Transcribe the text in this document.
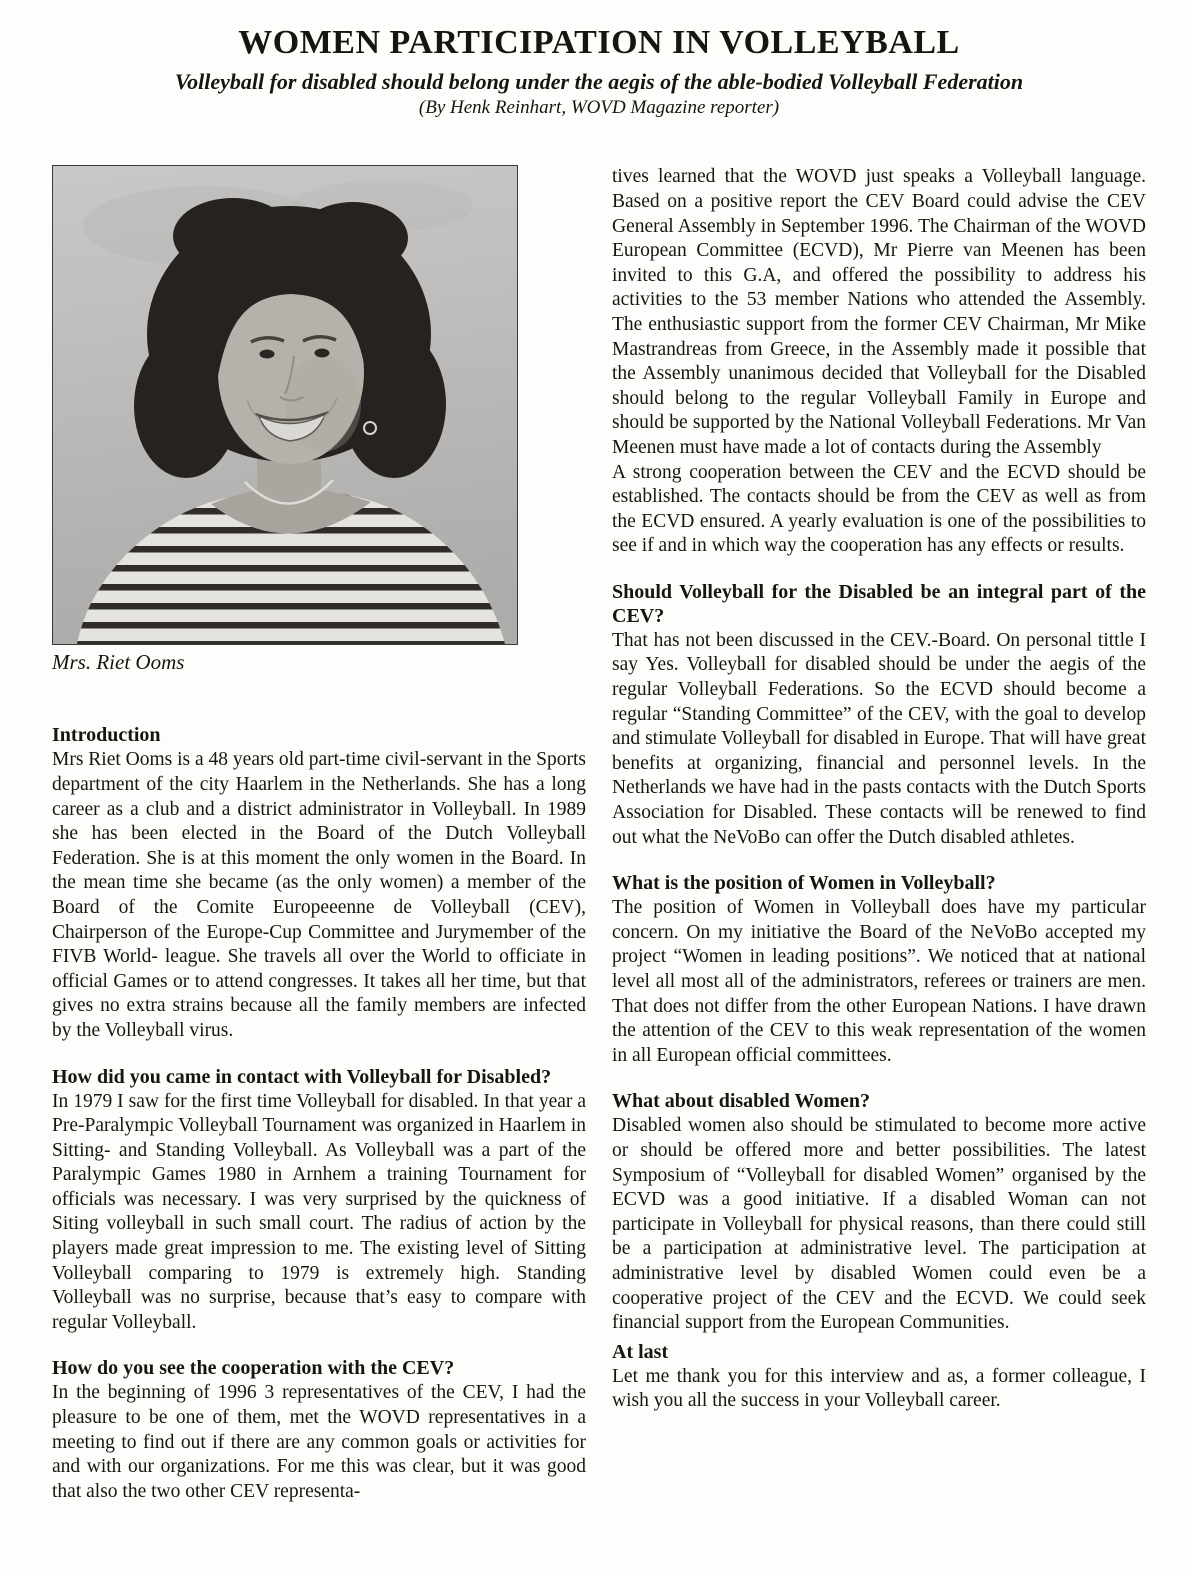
WOMEN PARTICIPATION IN VOLLEYBALL
Volleyball for disabled should belong under the aegis of the able-bodied Volleyball Federation
(By Henk Reinhart, WOVD Magazine reporter)
Mrs. Riet Ooms
Introduction

Mrs Riet Ooms is a 48 years old part-time civil-servant in the Sports department of the city Haarlem in the Netherlands. She has a long career as a club and a district administrator in Volleyball. In 1989 she has been elected in the Board of the Dutch Volleyball Federation. She is at this moment the only women in the Board. In the mean time she became (as the only women) a member of the Board of the Comite Europeeenne de Volleyball (CEV), Chairperson of the Europe-Cup Committee and Jurymember of the FIVB World- league. She travels all over the World to officiate in official Games or to attend congresses. It takes all her time, but that gives no extra strains because all the family members are infected by the Volleyball virus.

How did you came in contact with Volleyball for Disabled?

In 1979 I saw for the first time Volleyball for disabled. In that year a Pre-Paralympic Volleyball Tournament was organized in Haarlem in Sitting- and Standing Volleyball. As Volleyball was a part of the Paralympic Games 1980 in Arnhem a training Tournament for officials was necessary. I was very surprised by the quickness of Siting volleyball in such small court. The radius of action by the players made great impression to me. The existing level of Sitting Volleyball comparing to 1979 is extremely high. Standing Volleyball was no surprise, because that’s easy to compare with regular Volleyball.

How do you see the cooperation with the CEV?

In the beginning of 1996 3 representatives of the CEV, I had the pleasure to be one of them, met the WOVD representatives in a meeting to find out if there are any common goals or activities for and with our organizations. For me this was clear, but it was good that also the two other CEV representa-

tives learned that the WOVD just speaks a Volleyball language. Based on a positive report the CEV Board could advise the CEV General Assembly in September 1996. The Chairman of the WOVD European Committee (ECVD), Mr Pierre van Meenen has been invited to this G.A, and offered the possibility to address his activities to the 53 member Nations who attended the Assembly. The enthusiastic support from the former CEV Chairman, Mr Mike Mastrandreas from Greece, in the Assembly made it possible that the Assembly unanimous decided that Volleyball for the Disabled should belong to the regular Volleyball Family in Europe and should be supported by the National Volleyball Federations. Mr Van Meenen must have made a lot of contacts during the Assembly

A strong cooperation between the CEV and the ECVD should be established. The contacts should be from the CEV as well as from the ECVD ensured. A yearly evaluation is one of the possibilities to see if and in which way the cooperation has any effects or results.

Should Volleyball for the Disabled be an integral part of the CEV?

That has not been discussed in the CEV.-Board. On personal tittle I say Yes. Volleyball for disabled should be under the aegis of the regular Volleyball Federations. So the ECVD should become a regular “Standing Committee” of the CEV, with the goal to develop and stimulate Volleyball for disabled in Europe. That will have great benefits at organizing, financial and personnel levels. In the Netherlands we have had in the pasts contacts with the Dutch Sports Association for Disabled. These contacts will be renewed to find out what the NeVoBo can offer the Dutch disabled athletes.

What is the position of Women in Volleyball?

The position of Women in Volleyball does have my particular concern. On my initiative the Board of the NeVoBo accepted my project “Women in leading positions”. We noticed that at national level all most all of the administrators, referees or trainers are men. That does not differ from the other European Nations. I have drawn the attention of the CEV to this weak representation of the women in all European official committees.

What about disabled Women?

Disabled women also should be stimulated to become more active or should be offered more and better possibilities. The latest Symposium of “Volleyball for disabled Women” organised by the ECVD was a good initiative. If a disabled Woman can not participate in Volleyball for physical reasons, than there could still be a participation at administrative level. The participation at administrative level by disabled Women could even be a cooperative project of the CEV and the ECVD. We could seek financial support from the European Communities.

At last

Let me thank you for this interview and as, a former colleague, I wish you all the success in your Volleyball career.
